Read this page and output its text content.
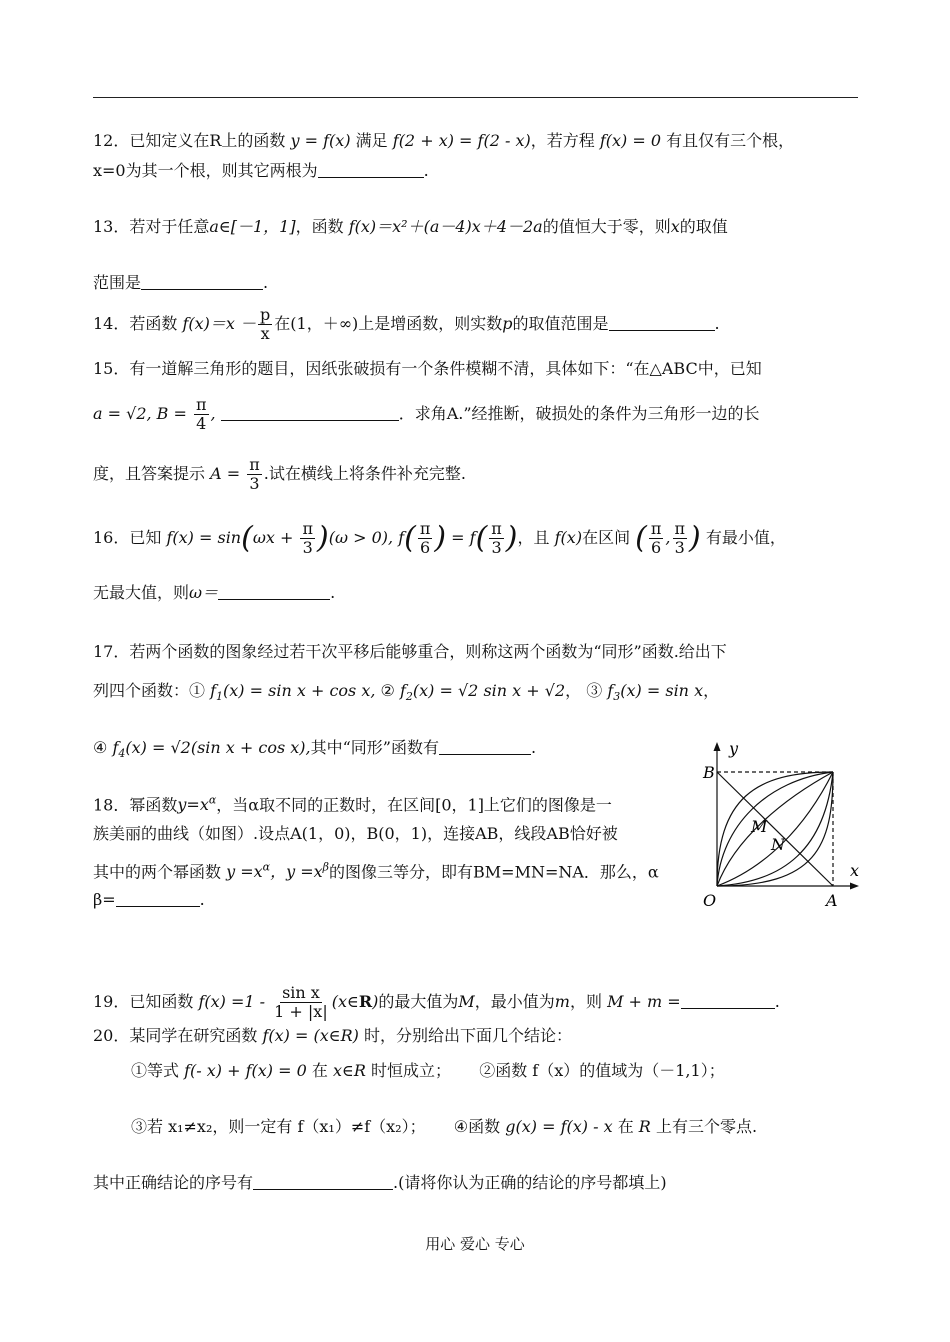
12．已知定义在R上的函数 y = f(x) 满足 f(2 + x) = f(2 - x)，若方程 f(x) = 0 有且仅有三个根，
x=0为其一个根，则其它两根为	.
13．若对于任意a∈[－1，1]，函数 f(x)＝x²＋(a－4)x＋4－2a的值恒大于零，则x的取值
范围是	.
14．若函数 $f(x)=x - \frac{p}{x}$ 在(1，＋∞)上是增函数，则实数p的取值范围是	.
15．有一道解三角形的题目，因纸张破损有一个条件模糊不清，具体如下：“在△ABC中，已知
a = √2, $B = \frac{\pi}{4}$ ,	．求角A.”经推断，破损处的条件为三角形一边的长
度，且答案提示 $A = \frac{\pi}{3}$ .试在横线上将条件补充完整.
16．已知 $f(x) = \sin(\omega x + \frac{\pi}{3} )(\omega > 0)$, $f( \frac{\pi}{6}$ ) = $f( \frac{\pi}{3}$ )，且 f(x)在区间 ( $\frac{\pi}{6}$ , $\frac{\pi}{3}$ ) 有最小值，
无最大值，则ω＝	.
17．若两个函数的图象经过若干次平移后能够重合，则称这两个函数为“同形”函数.给出下
列四个函数：① $f_1(x) = \sin x + \cos x$, ② $f_2(x) = √2$ sin x + √2， ③ $f_3(x) = \sin x$，
④ $f_4(x) = √2(\sin$ x + cos x),其中“同形”函数有	.
18．幂函数$y=x^\alpha$，当α取不同的正数时，在区间[0，1]上它们的图像是一
族美丽的曲线（如图）.设点A(1，0)，B(0，1)，连接AB，线段AB恰好被
其中的两个幂函数 $y =x^\alpha$，$y =x^\beta$的图像三等分，即有BM=MN=NA．那么，α
β=	.
y
x
B
O	A
M
N
19．已知函数 $f(x) =1 - \frac{\text{sin x}}{1 + |x|}$ (x∈R)的最大值为M，最小值为m，则 M + m =	.
20．某同学在研究函数 f(x) = (x∈R) 时，分别给出下面几个结论：
①等式 f(- x) + f(x) = 0 在 x∈R 时恒成立； ②函数 f（x）的值域为（－1,1）；
③若 x₁≠x₂，则一定有 f（x₁）≠f（x₂）； ④函数 g(x) = f(x) - x 在 R 上有三个零点.
其中正确结论的序号有	.(请将你认为正确的结论的序号都填上)
用心 爱心 专心
